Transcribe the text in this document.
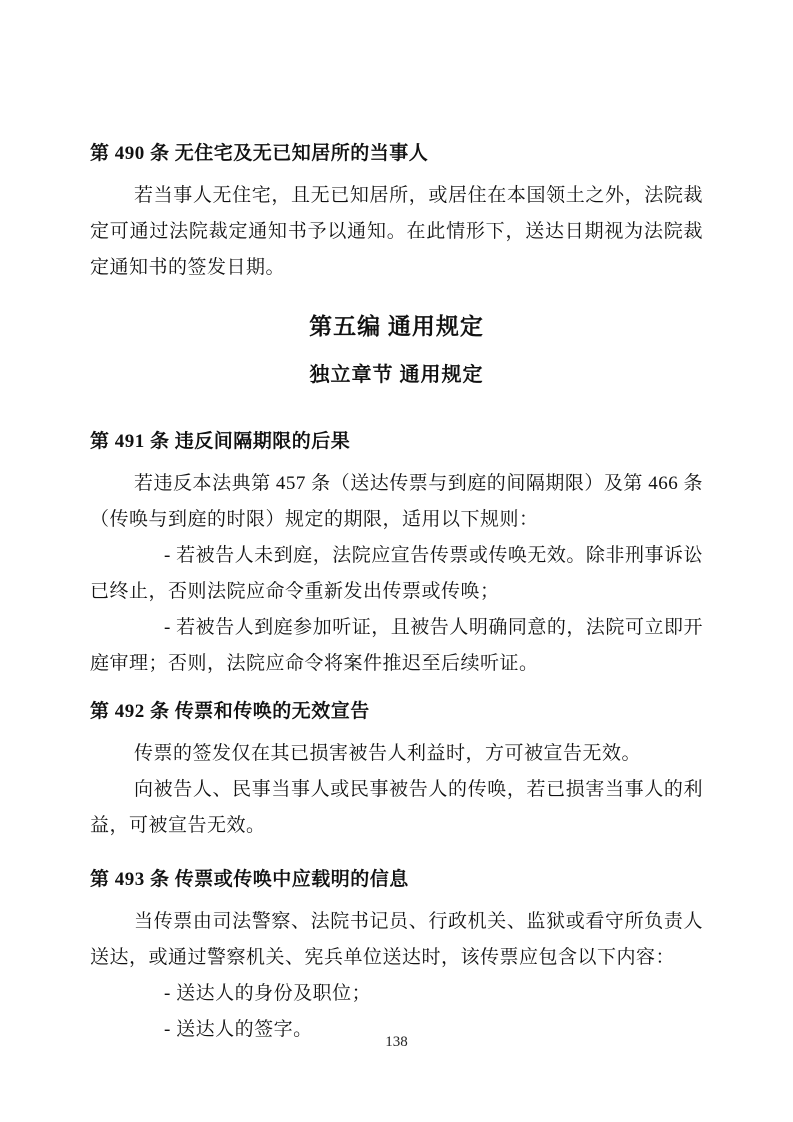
第 490 条 无住宅及无已知居所的当事人

若当事人无住宅，且无已知居所，或居住在本国领土之外，法院裁定可通过法院裁定通知书予以通知。在此情形下，送达日期视为法院裁定通知书的签发日期。

第五编 通用规定
独立章节 通用规定
第 491 条 违反间隔期限的后果

若违反本法典第 457 条（送达传票与到庭的间隔期限）及第 466 条（传唤与到庭的时限）规定的期限，适用以下规则：

- 若被告人未到庭，法院应宣告传票或传唤无效。除非刑事诉讼已终止，否则法院应命令重新发出传票或传唤；

- 若被告人到庭参加听证，且被告人明确同意的，法院可立即开庭审理；否则，法院应命令将案件推迟至后续听证。

第 492 条 传票和传唤的无效宣告

传票的签发仅在其已损害被告人利益时，方可被宣告无效。

向被告人、民事当事人或民事被告人的传唤，若已损害当事人的利益，可被宣告无效。

第 493 条 传票或传唤中应载明的信息

当传票由司法警察、法院书记员、行政机关、监狱或看守所负责人送达，或通过警察机关、宪兵单位送达时，该传票应包含以下内容：

- 送达人的身份及职位；

- 送达人的签字。

138
